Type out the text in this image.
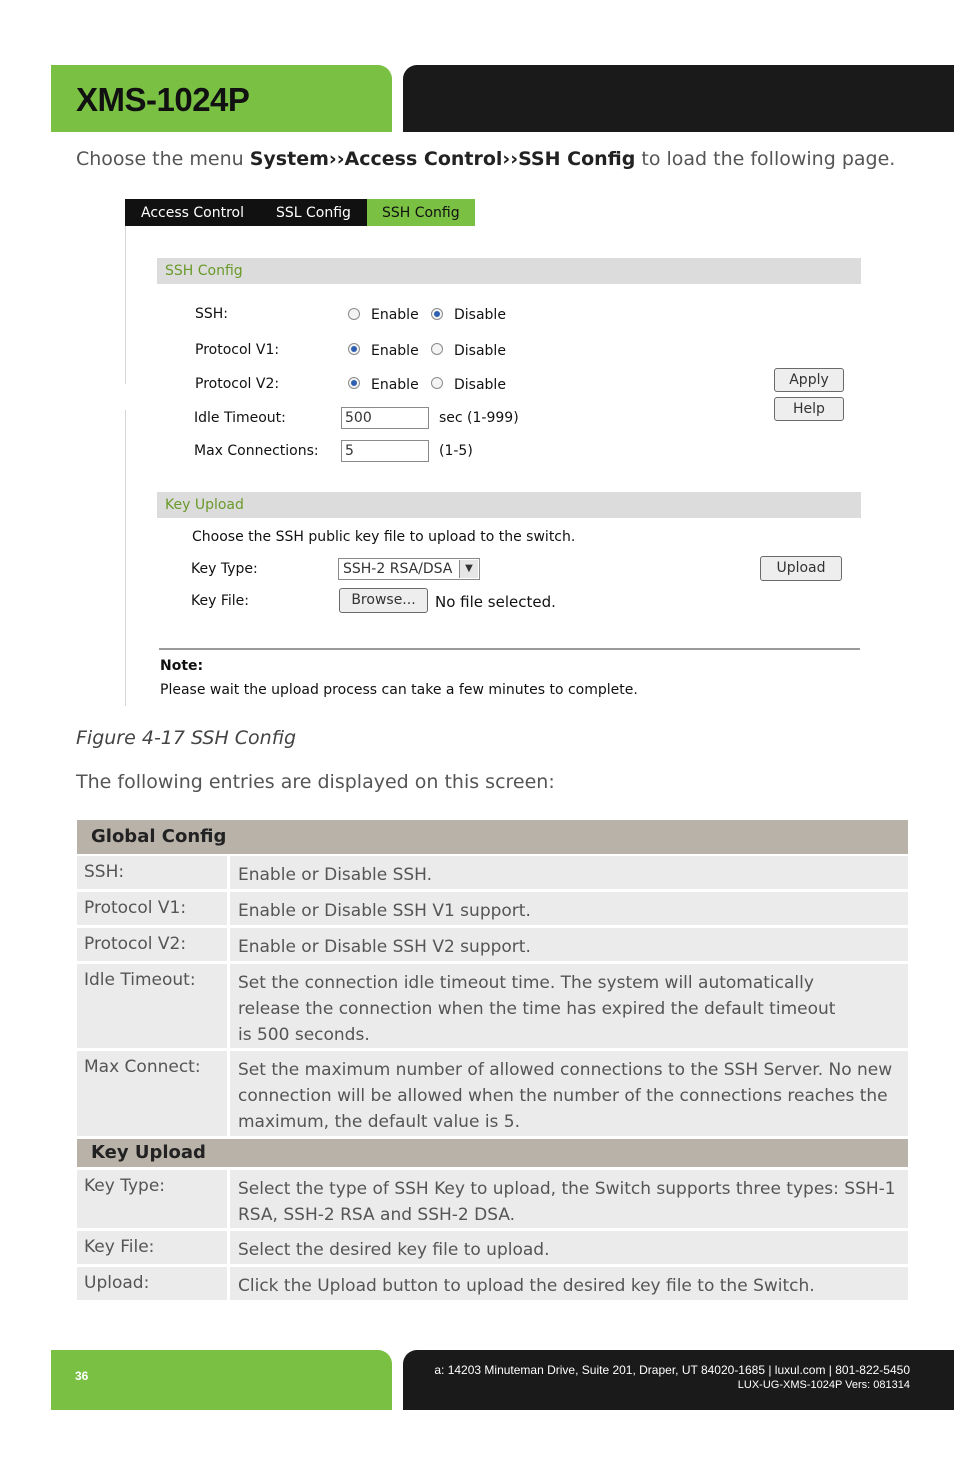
XMS-1024P
Choose the menu System››Access Control››SSH Config to load the following page.
Access Control	SSL Config	SSH Config
SSH Config
SSH:	Enable	Disable
Protocol V1:	Enable	Disable
Protocol V2:	Enable	Disable	Apply
Help
Idle Timeout:	500	sec (1-999)
Max Connections: 5	(1-5)
Key Upload
Choose the SSH public key file to upload to the switch.
Key Type:	SSH-2 RSA/DSA	▼	Upload
Key File:	Browse...	No file selected.
Note:
Please wait the upload process can take a few minutes to complete.
Figure 4-17 SSH Config
The following entries are displayed on this screen:
Global Config
SSH:	Enable or Disable SSH.
Protocol V1:	Enable or Disable SSH V1 support.
Protocol V2:	Enable or Disable SSH V2 support.
Idle Timeout:	Set the connection idle timeout time. The system will automatically release the connection when the time has expired the default timeout is 500 seconds.
Max Connect:	Set the maximum number of allowed connections to the SSH Server. No new connection will be allowed when the number of the connections reaches the maximum, the default value is 5.
Key Upload
Key Type:	Select the type of SSH Key to upload, the Switch supports three types: SSH-1 RSA, SSH-2 RSA and SSH-2 DSA.
Key File:	Select the desired key file to upload.
Upload:	Click the Upload button to upload the desired key file to the Switch.
36	a: 14203 Minuteman Drive, Suite 201, Draper, UT 84020-1685 | luxul.com | 801-822-5450
LUX-UG-XMS-1024P Vers: 081314
